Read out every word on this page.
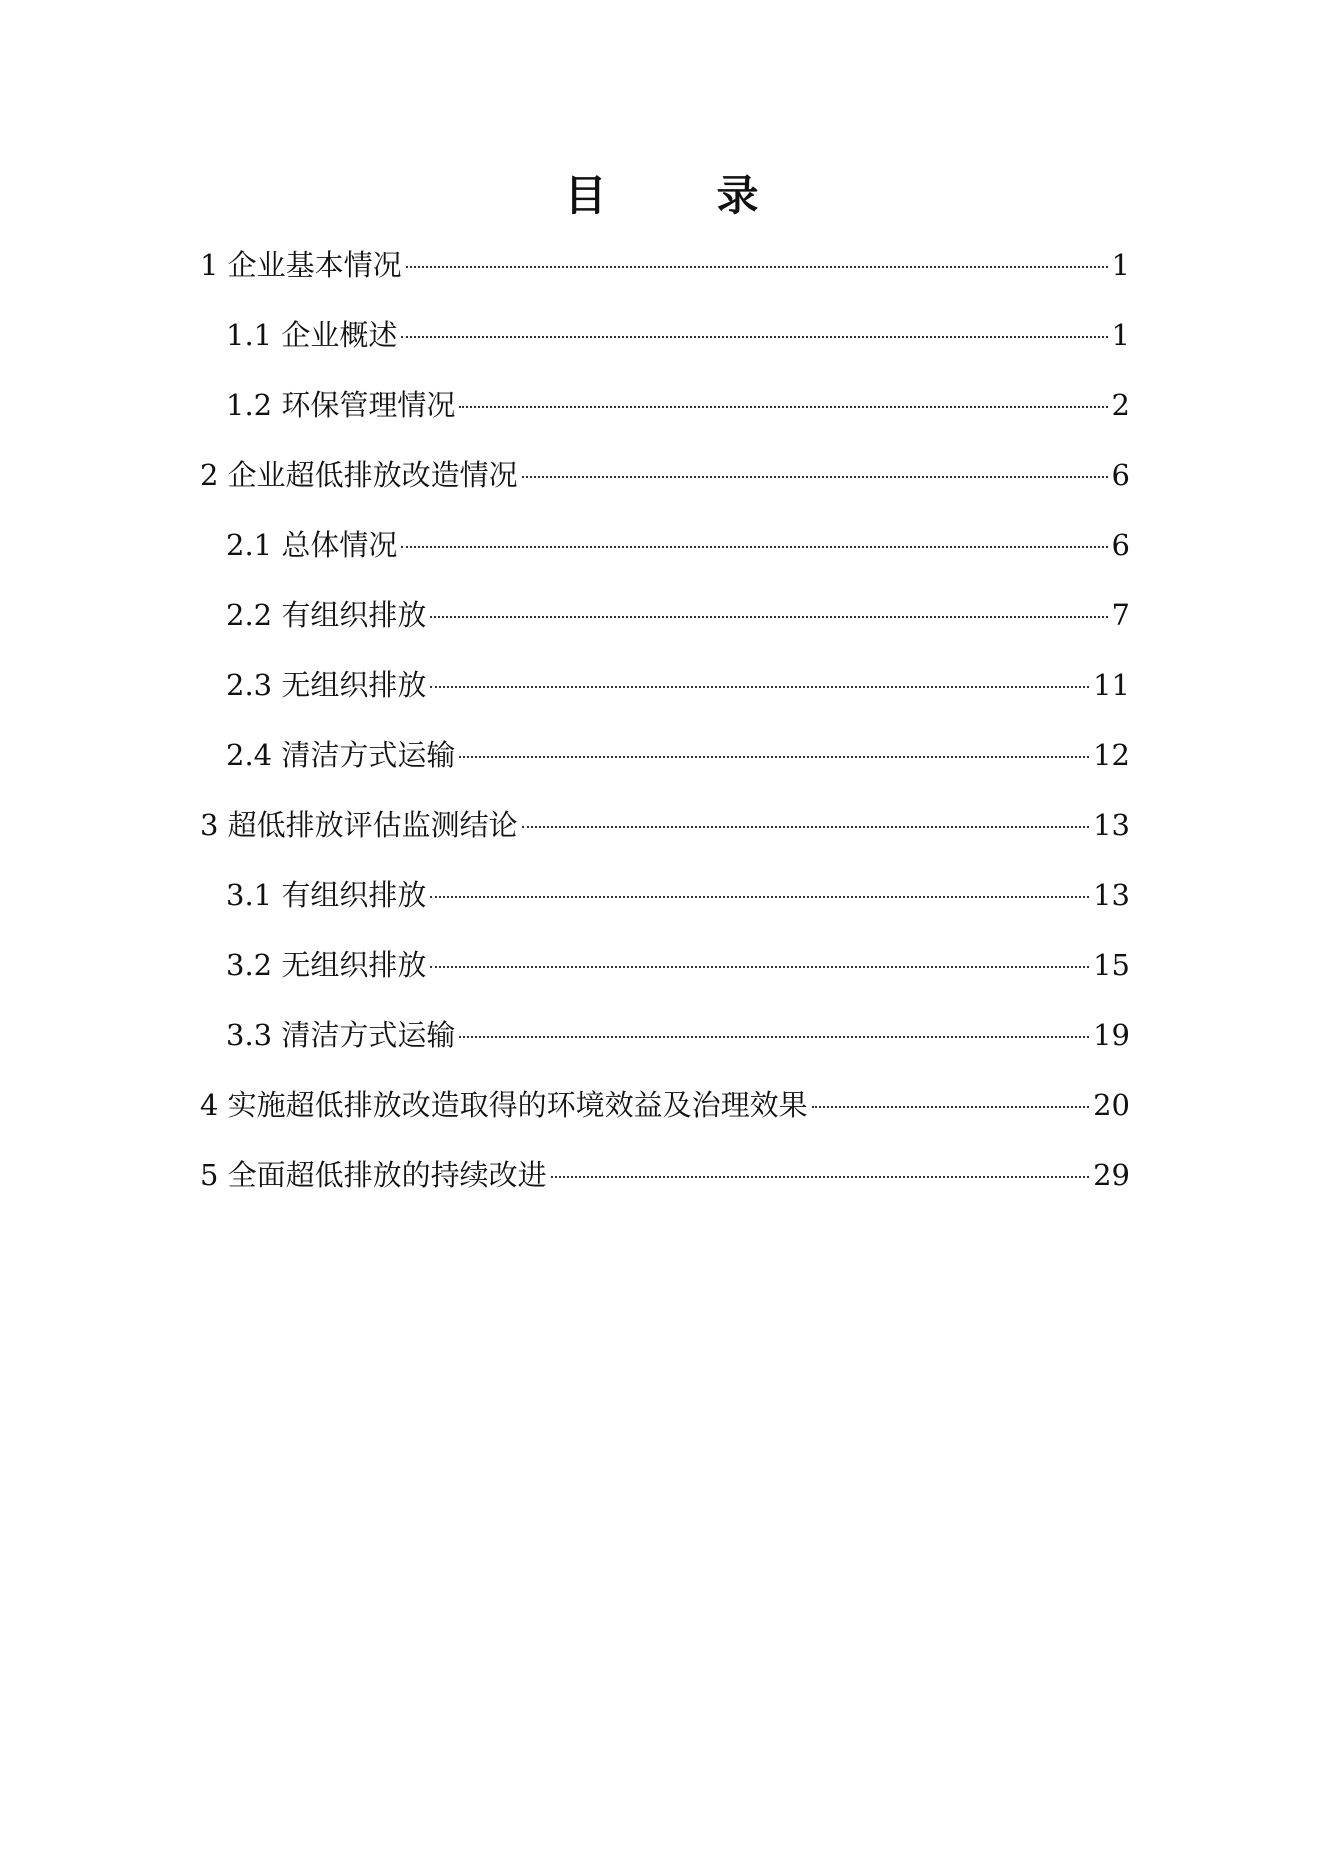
目　录
1 企业基本情况	1
1.1 企业概述	1
1.2 环保管理情况	2
2 企业超低排放改造情况	6
2.1 总体情况	6
2.2 有组织排放	7
2.3 无组织排放	11
2.4 清洁方式运输	12
3 超低排放评估监测结论	13
3.1 有组织排放	13
3.2 无组织排放	15
3.3 清洁方式运输	19
4 实施超低排放改造取得的环境效益及治理效果	20
5 全面超低排放的持续改进	29
